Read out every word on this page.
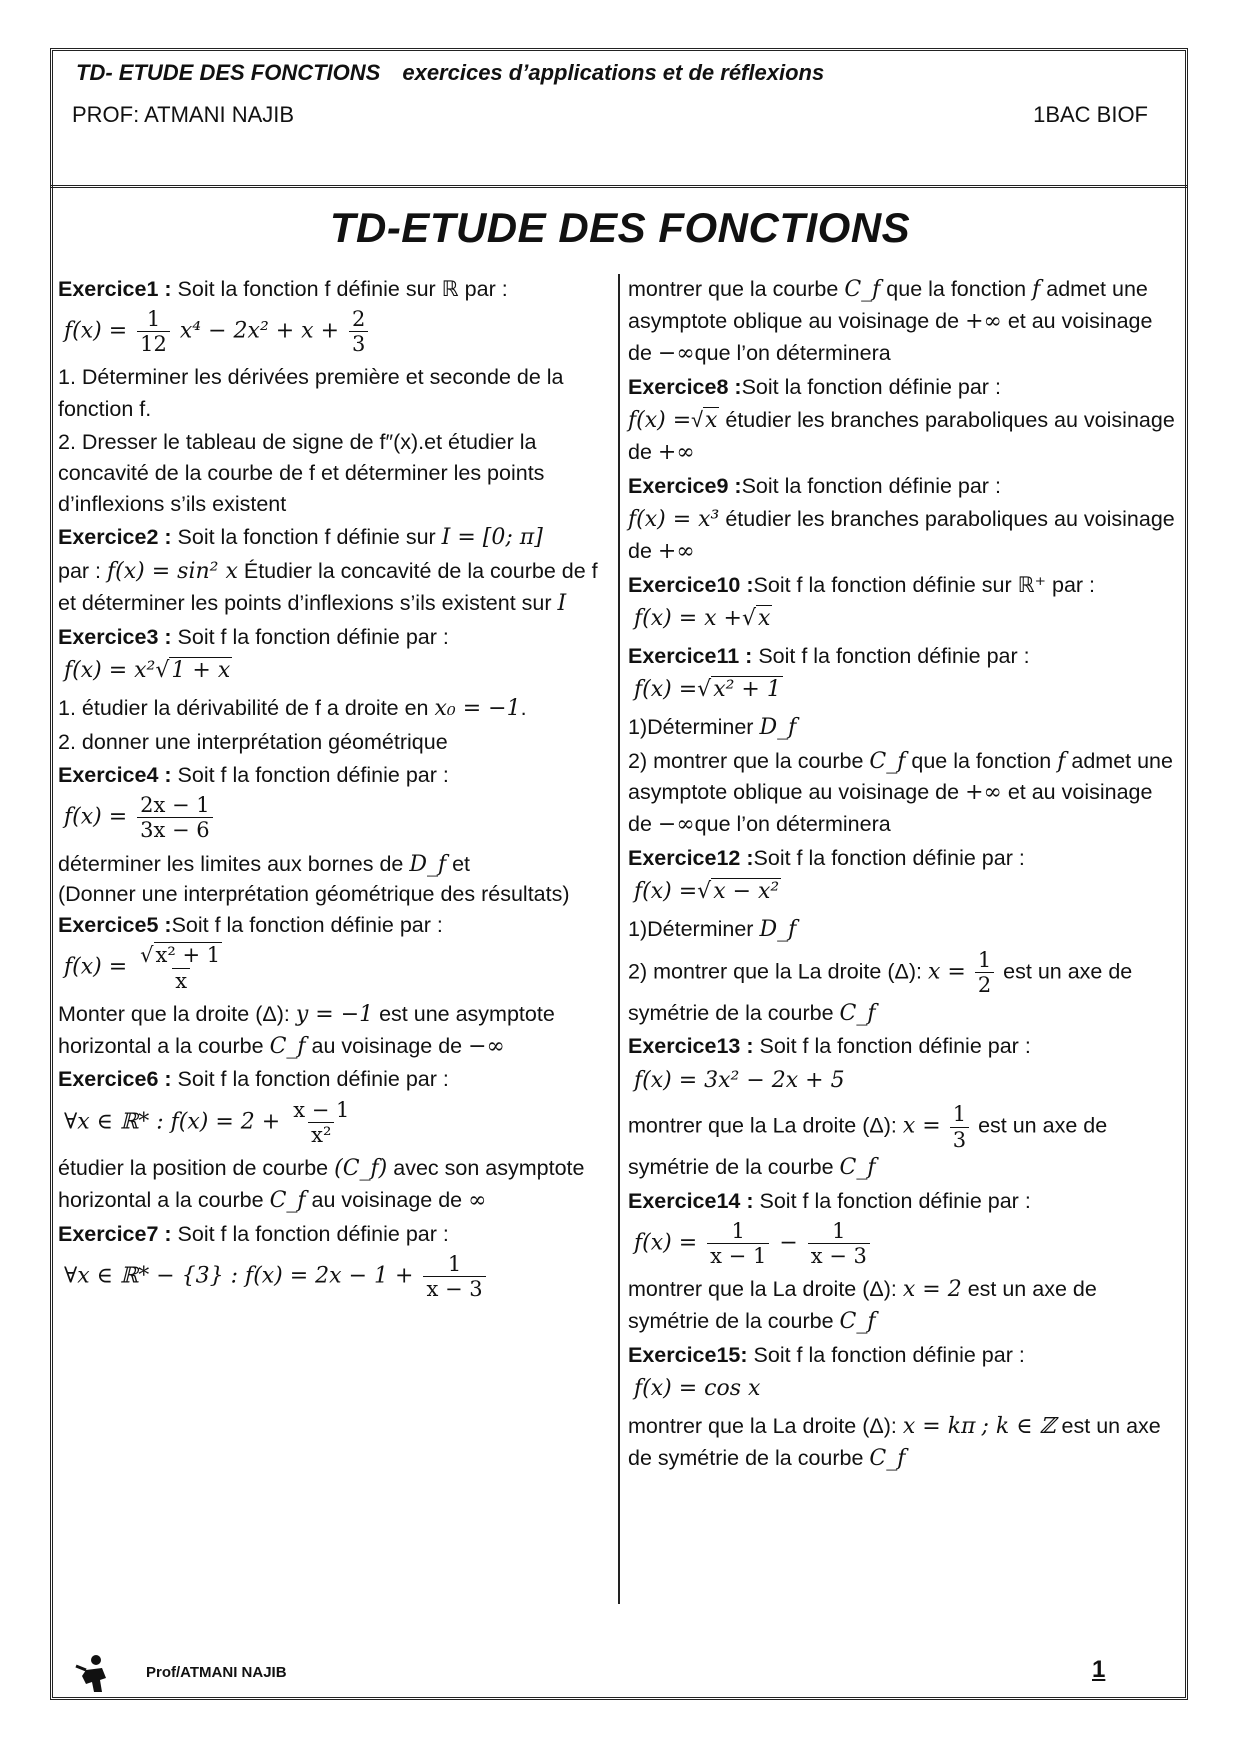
TD- ETUDE DES FONCTIONS exercices d’applications et de réflexions
PROF: ATMANI NAJIB	1BAC BIOF
TD-ETUDE DES FONCTIONS

Exercice1 : Soit la fonction f définie sur ℝ par :

$f(x) = \frac{1}{12} x^4 - 2x^2 + x + \frac{2}{3}$

1. Déterminer les dérivées première et seconde de la fonction f.

2. Dresser le tableau de signe de f″(x).et étudier la concavité de la courbe de f et déterminer les points d’inflexions s’ils existent

Exercice2 : Soit la fonction f définie sur I = [0; π]

par : f(x) = sin² x Étudier la concavité de la courbe de f et déterminer les points d’inflexions s’ils existent sur I

Exercice3 : Soit f la fonction définie par :

f(x) = x²√1 + x

1. étudier la dérivabilité de f a droite en x₀ = −1.

2. donner une interprétation géométrique

Exercice4 : Soit f la fonction définie par :

$f(x) = \frac{2x - 1}{3x - 6}$

déterminer les limites aux bornes de D_f et

(Donner une interprétation géométrique des résultats)

Exercice5 :Soit f la fonction définie par :

$f(x) = \frac{\text{√x² + 1}}{x}$

Monter que la droite (Δ): y = −1 est une asymptote horizontal a la courbe C_f au voisinage de −∞

Exercice6 : Soit f la fonction définie par :

∀x ∈ ℝ* : $f(x) = 2 + \frac{x - 1}{\text{x²}}$

étudier la position de courbe (C_f) avec son asymptote horizontal a la courbe C_f au voisinage de ∞

Exercice7 : Soit f la fonction définie par :

∀x ∈ ℝ* − {3} : $f(x) = 2x - 1 + \frac{1}{x - 3}$

montrer que la courbe C_f que la fonction f admet une asymptote oblique au voisinage de +∞ et au voisinage de −∞que l’on déterminera

Exercice8 :Soit la fonction définie par :

f(x) =√x étudier les branches paraboliques au voisinage de +∞

Exercice9 :Soit la fonction définie par :

f(x) = x³ étudier les branches paraboliques au voisinage de +∞

Exercice10 :Soit f la fonction définie sur ℝ⁺ par :

f(x) = x +√x

Exercice11 : Soit f la fonction définie par :

f(x) =√x² + 1

1)Déterminer D_f

2) montrer que la courbe C_f que la fonction f admet une asymptote oblique au voisinage de +∞ et au voisinage de −∞que l’on déterminera

Exercice12 :Soit f la fonction définie par :

f(x) =√x − x²

1)Déterminer D_f

2) montrer que la La droite (Δ): $x = \frac{1}{2}$ est un axe de symétrie de la courbe C_f

Exercice13 : Soit f la fonction définie par :

f(x) = 3x² − 2x + 5

montrer que la La droite (Δ): $x = \frac{1}{3}$ est un axe de symétrie de la courbe C_f

Exercice14 : Soit f la fonction définie par :

$f(x) = \frac{1}{x - 1} - \frac{1}{x - 3}$

montrer que la La droite (Δ): x = 2 est un axe de symétrie de la courbe C_f

Exercice15: Soit f la fonction définie par :

f(x) = cos x

montrer que la La droite (Δ): x = kπ ; k ∈ ℤ est un axe de symétrie de la courbe C_f

Prof/ATMANI NAJIB	1
